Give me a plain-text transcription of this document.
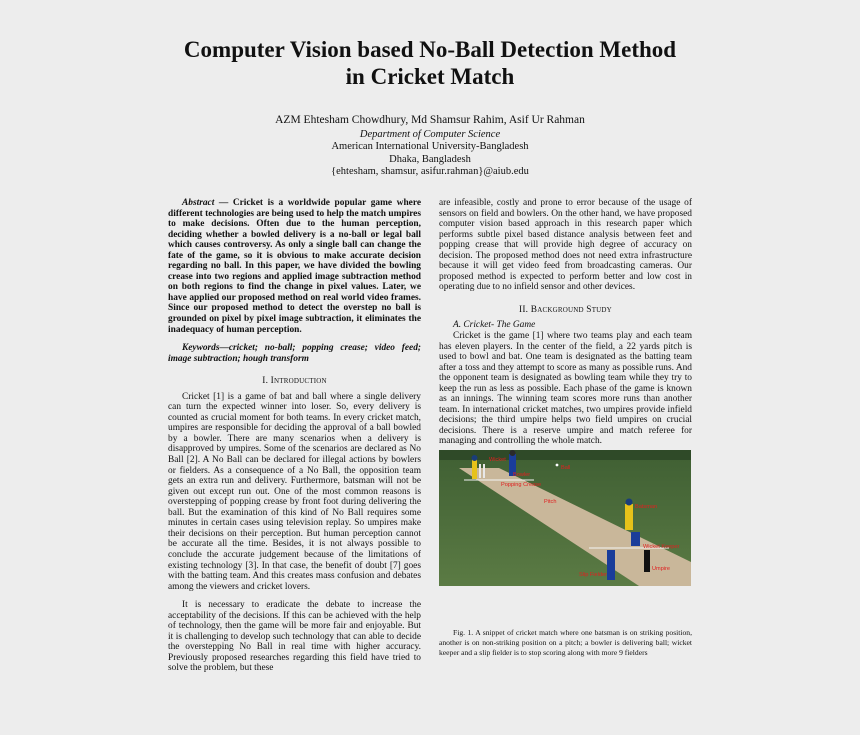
Computer Vision based No-Ball Detection Method
in Cricket Match
AZM Ehtesham Chowdhury, Md Shamsur Rahim, Asif Ur Rahman
Department of Computer Science
American International University-Bangladesh
Dhaka, Bangladesh
{ehtesham, shamsur, asifur.rahman}@aiub.edu

Abstract — Cricket is a worldwide popular game where different technologies are being used to help the match umpires to make decisions. Often due to the human perception, deciding whether a bowled delivery is a no-ball or legal ball which causes controversy. As only a single ball can change the fate of the game, so it is obvious to make accurate decision regarding no ball. In this paper, we have divided the bowling crease into two regions and applied image subtraction method on both regions to find the change in pixel values. Later, we have applied our proposed method on real world video frames. Since our proposed method to detect the overstep no ball is grounded on pixel by pixel image subtraction, it eliminates the inadequacy of human perception.

Keywords—cricket; no-ball; popping crease; video feed; image subtraction; hough transform

I. Introduction

Cricket [1] is a game of bat and ball where a single delivery can turn the expected winner into loser. So, every delivery is counted as crucial moment for both teams. In every cricket match, umpires are responsible for deciding the approval of a ball bowled by a bowler. There are many scenarios when a delivery is disapproved by umpires. Some of the scenarios are declared as No Ball [2]. A No Ball can be declared for illegal actions by bowlers or fielders. As a consequence of a No Ball, the opposition team gets an extra run and delivery. Furthermore, batsman will not be given out except run out. One of the most common reasons is overstepping of popping crease by front foot during delivering the ball. But the examination of this kind of No Ball requires some minutes in certain cases using television replay. So umpires make their decisions on their perception. But human perception cannot be accurate all the time. Besides, it is not always possible to conclude the accurate judgement because of the limitations of existing technology [3]. In that case, the benefit of doubt [7] goes with the batting team. And this creates mass confusion and debates among the viewers and cricket lovers.

It is necessary to eradicate the debate to increase the acceptability of the decisions. If this can be achieved with the help of technology, then the game will be more fair and enjoyable. But it is challenging to develop such technology that can able to decide the overstepping No Ball in real time with higher accuracy. Previously proposed researches regarding this field have tried to solve the problem, but these

are infeasible, costly and prone to error because of the usage of sensors on field and bowlers. On the other hand, we have proposed computer vision based approach in this research paper which performs subtle pixel based distance analysis between feet and popping crease that will provide high degree of accuracy on decision. The proposed method does not need extra infrastructure because it will get video feed from broadcasting cameras. Our proposed method is expected to perform better and low cost in operating due to no infield sensor and other devices.

II. Background Study

A. Cricket- The Game

Cricket is the game [1] where two teams play and each team has eleven players. In the center of the field, a 22 yards pitch is used to bowl and bat. One team is designated as the batting team after a toss and they attempt to score as many as possible runs. And the opponent team is designated as bowling team while they try to keep the run as less as possible. Each phase of the game is known as an innings. The winning team scores more runs than another team. In international cricket matches, two umpires provide infield decisions; the third umpire helps two field umpires on crucial decisions. There is a reserve umpire and match referee for managing and controlling the whole match.

Wicket
Ball
Bowler
Popping Crease
Batsman
Pitch
Wicket Keeper
Umpire
Slip Fielder

Fig. 1. A snippet of cricket match where one batsman is on striking position, another is on non-striking position on a pitch; a bowler is delivering ball; wicket keeper and a slip fielder is to stop scoring along with more 9 fielders
